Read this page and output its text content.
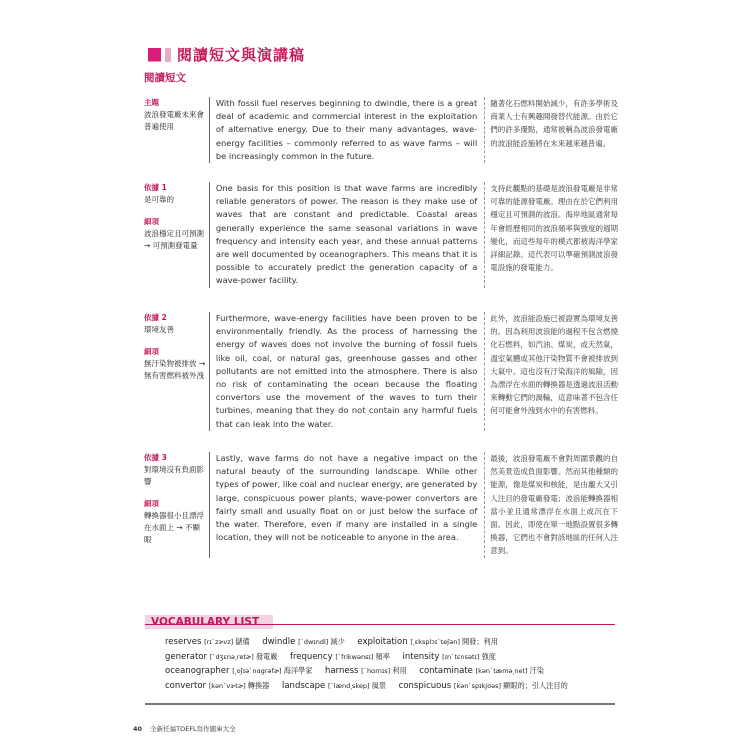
閱讀短文與演講稿
閱讀短文
主題
波浪發電廠未來會普遍使用
With fossil fuel reserves beginning to dwindle, there is a great deal of academic and commercial interest in the exploitation of alternative energy. Due to their many advantages, wave-energy facilities – commonly referred to as wave farms – will be increasingly common in the future.
隨著化石燃料開始減少，有許多學術及商業人士有興趣開發替代能源。由於它們的許多優點，通常被稱為波浪發電廠的波浪能設施將在未來越來越普遍。
依據 1
是可靠的
細項
波浪穩定且可預測 → 可預測發電量
One basis for this position is that wave farms are incredibly reliable generators of power. The reason is they make use of waves that are constant and predictable. Coastal areas generally experience the same seasonal variations in wave frequency and intensity each year, and these annual patterns are well documented by oceanographers. This means that it is possible to accurately predict the generation capacity of a wave-power facility.
支持此觀點的基礎是波浪發電廠是非常可靠的能源發電廠。理由在於它們利用穩定且可預測的波浪。海岸地區通常每年會經歷相同的波浪頻率與強度的週期變化，而這些每年的模式都被海洋學家詳細記錄。這代表可以準確預測波浪發電設施的發電能力。
依據 2
環境友善
細項
無汙染物被排放 → 無有害燃料被外洩
Furthermore, wave-energy facilities have been proven to be environmentally friendly. As the process of harnessing the energy of waves does not involve the burning of fossil fuels like oil, coal, or natural gas, greenhouse gasses and other pollutants are not emitted into the atmosphere. There is also no risk of contaminating the ocean because the floating convertors use the movement of the waves to turn their turbines, meaning that they do not contain any harmful fuels that can leak into the water.
此外，波浪能設施已被證實為環境友善的。因為利用波浪能的過程不包含燃燒化石燃料，如汽油、煤炭，或天然氣，溫室氣體或其他汙染物質不會被排放到大氣中。這也沒有汙染海洋的風險，因為漂浮在水面的轉換器是透過波浪活動來轉動它們的渦輪，這意味著不包含任何可能會外洩到水中的有害燃料。
依據 3
對環境沒有負面影響
細項
轉換器很小且漂浮在水面上 → 不顯眼
Lastly, wave farms do not have a negative impact on the natural beauty of the surrounding landscape. While other types of power, like coal and nuclear energy, are generated by large, conspicuous power plants, wave-power convertors are fairly small and usually float on or just below the surface of the water. Therefore, even if many are installed in a single location, they will not be noticeable to anyone in the area.
最後，波浪發電廠不會對周圍景觀的自然美景造成負面影響。然而其他種類的能源，像是煤炭和核能，是由龐大又引人注目的發電廠發電；波浪能轉換器相當小並且通常漂浮在水面上或沉在下面。因此，即使在單一地點設置很多轉換器，它們也不會對該地區的任何人注意到。
VOCABULARY LIST
reserves [rɪˋzɝvz] 儲備 dwindle [ˋdwɪndl] 減少 exploitation [͵ɛksplɔɪˋteʃən] 開發；利用 generator [ˋdʒɛnə͵retɚ] 發電廠 frequency [ˋfrikwənsɪ] 頻率 intensity [ɪnˋtɛnsətɪ] 強度 oceanographer [͵oʃɪəˋnɑgrəfɚ] 海洋學家 harness [ˋhɑrnɪs] 利用 contaminate [kənˋtæmə͵net] 汙染 convertor [kənˋvɝtɚ] 轉換器 landscape [ˋlænd͵skep] 風景 conspicuous [kənˋspɪkjʊəs] 顯眼的；引人注目的
40 全新托福TOEFL寫作題庫大全
